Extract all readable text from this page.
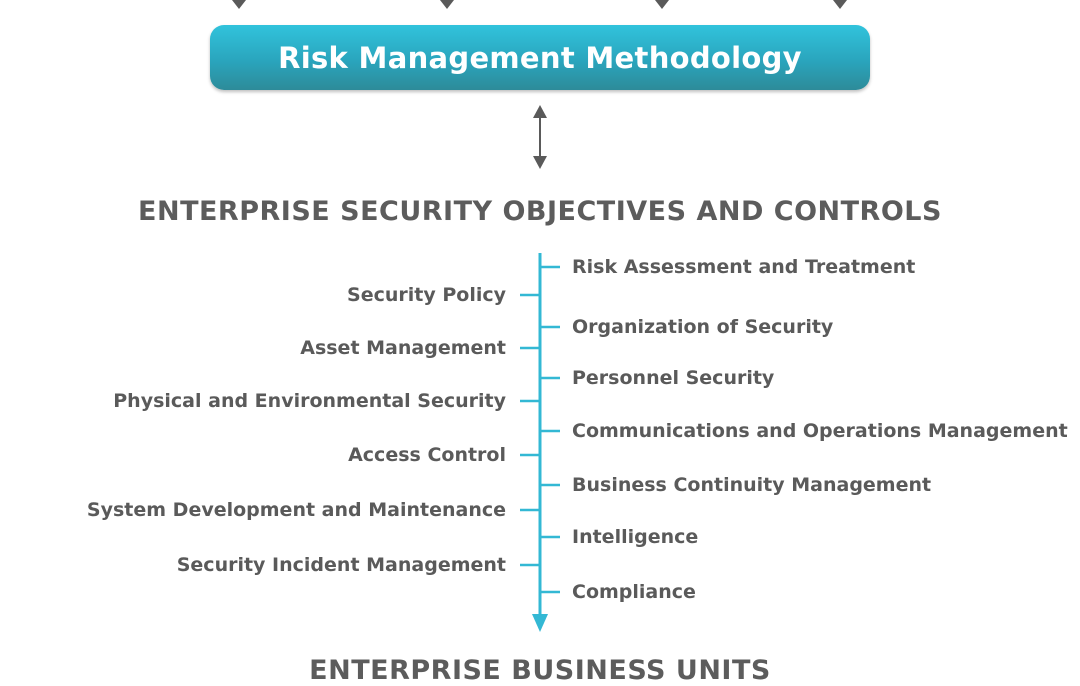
Risk Management Methodology
ENTERPRISE SECURITY OBJECTIVES AND CONTROLS
Security Policy
Asset Management
Physical and Environmental Security
Access Control
System Development and Maintenance
Security Incident Management
Risk Assessment and Treatment
Organization of Security
Personnel Security
Communications and Operations Management
Business Continuity Management
Intelligence
Compliance
ENTERPRISE BUSINESS UNITS
